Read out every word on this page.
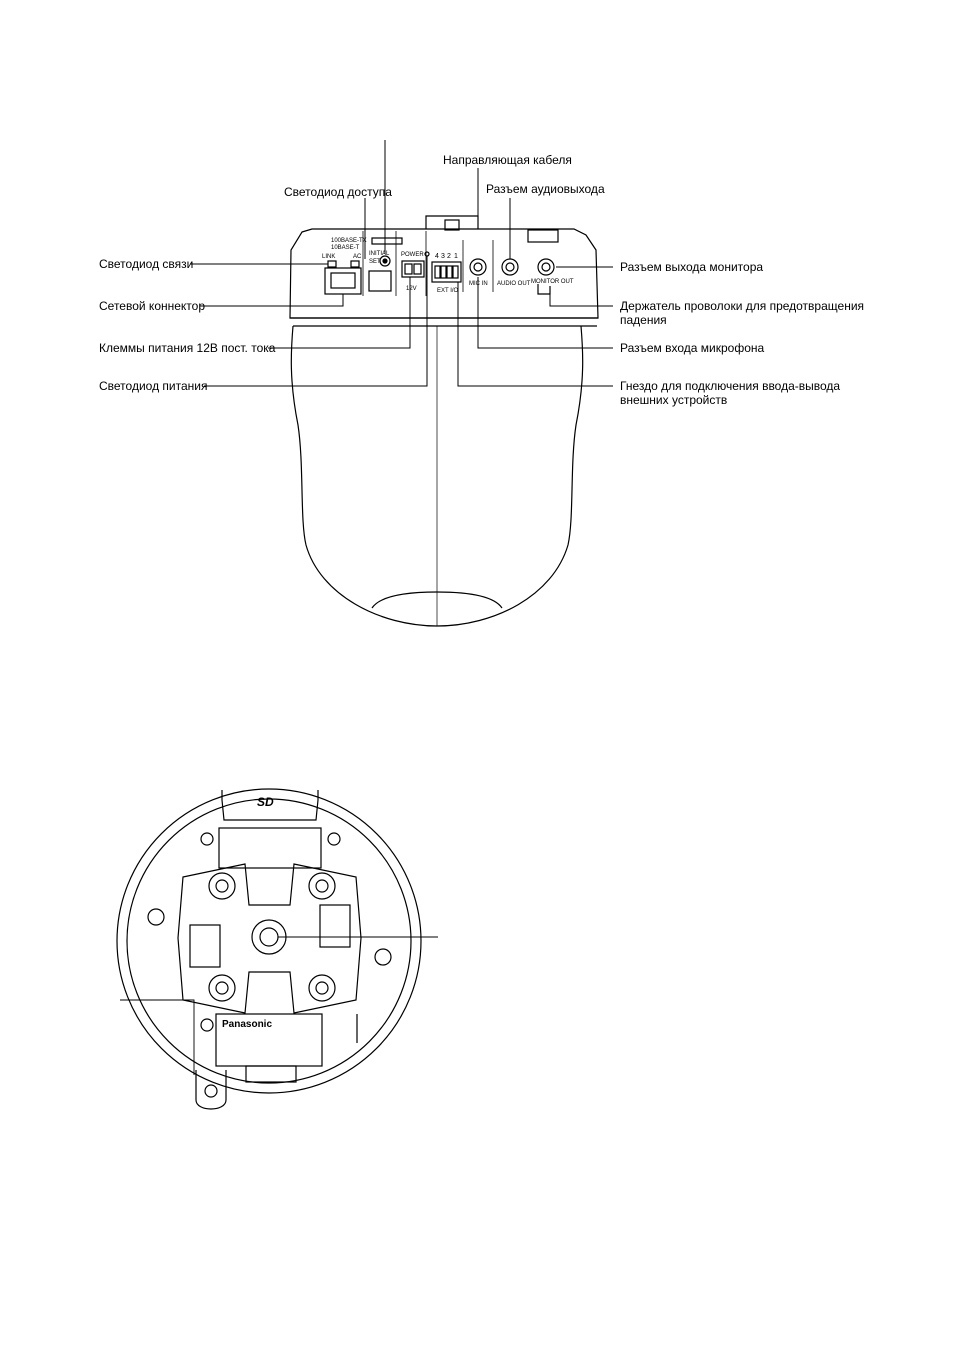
100BASE-TX
10BASE-T
LINK	AC INITIAL
SET
POWER
12V
4 3 2 1
EXT I/O
MIC IN AUDIO OUT MONITOR OUT
SD
Panasonic
Направляющая кабеля
Светодиод доступа	Разъем аудиовыхода
Светодиод связи
Сетевой коннектор
Клеммы питания 12В пост. тока
Светодиод питания
Разъем выхода монитора
Держатель проволоки для предотвращения
падения
Разъем входа микрофона
Гнездо для подключения ввода-вывода
внешних устройств
